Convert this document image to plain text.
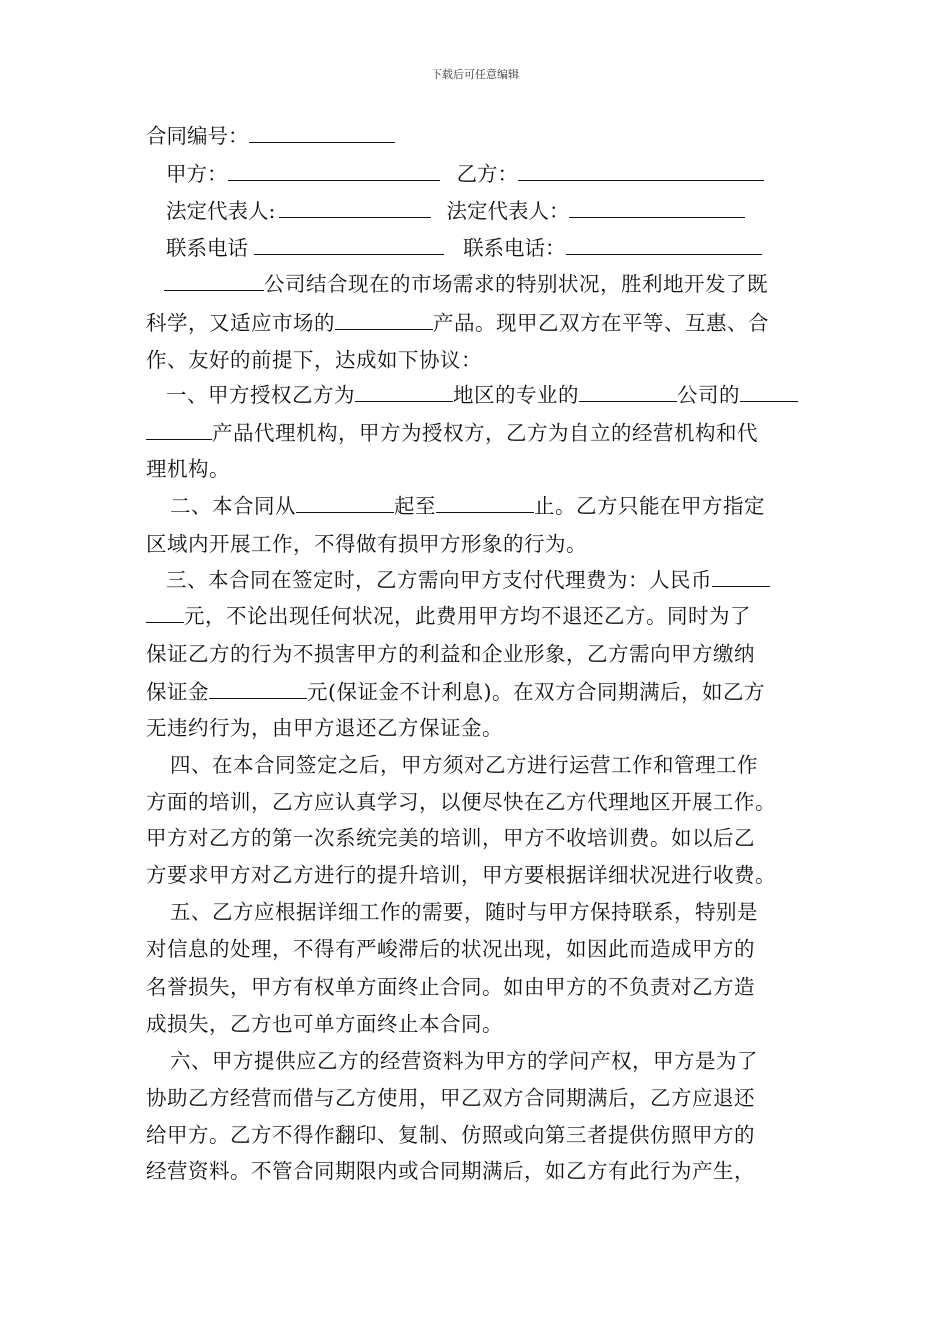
下载后可任意编辑
合同编号：
甲方：	乙方：
法定代表人:	法定代表人：
联系电话	联系电话：
公司结合现在的市场需求的特别状况，胜利地开发了既
科学，又适应市场的	产品。现甲乙双方在平等、互惠、合
作、友好的前提下，达成如下协议：
一、甲方授权乙方为	地区的专业的	公司的
产品代理机构，甲方为授权方，乙方为自立的经营机构和代
理机构。
二、本合同从	起至	止。乙方只能在甲方指定
区域内开展工作，不得做有损甲方形象的行为。
三、本合同在签定时，乙方需向甲方支付代理费为：人民币
元，不论出现任何状况，此费用甲方均不退还乙方。同时为了
保证乙方的行为不损害甲方的利益和企业形象，乙方需向甲方缴纳
保证金	元(保证金不计利息)。在双方合同期满后，如乙方
无违约行为，由甲方退还乙方保证金。
四、在本合同签定之后，甲方须对乙方进行运营工作和管理工作
方面的培训，乙方应认真学习，以便尽快在乙方代理地区开展工作。
甲方对乙方的第一次系统完美的培训，甲方不收培训费。如以后乙
方要求甲方对乙方进行的提升培训，甲方要根据详细状况进行收费。
五、乙方应根据详细工作的需要，随时与甲方保持联系，特别是
对信息的处理，不得有严峻滞后的状况出现，如因此而造成甲方的
名誉损失，甲方有权单方面终止合同。如由甲方的不负责对乙方造
成损失，乙方也可单方面终止本合同。
六、甲方提供应乙方的经营资料为甲方的学问产权，甲方是为了
协助乙方经营而借与乙方使用，甲乙双方合同期满后，乙方应退还
给甲方。乙方不得作翻印、复制、仿照或向第三者提供仿照甲方的
经营资料。不管合同期限内或合同期满后，如乙方有此行为产生，
